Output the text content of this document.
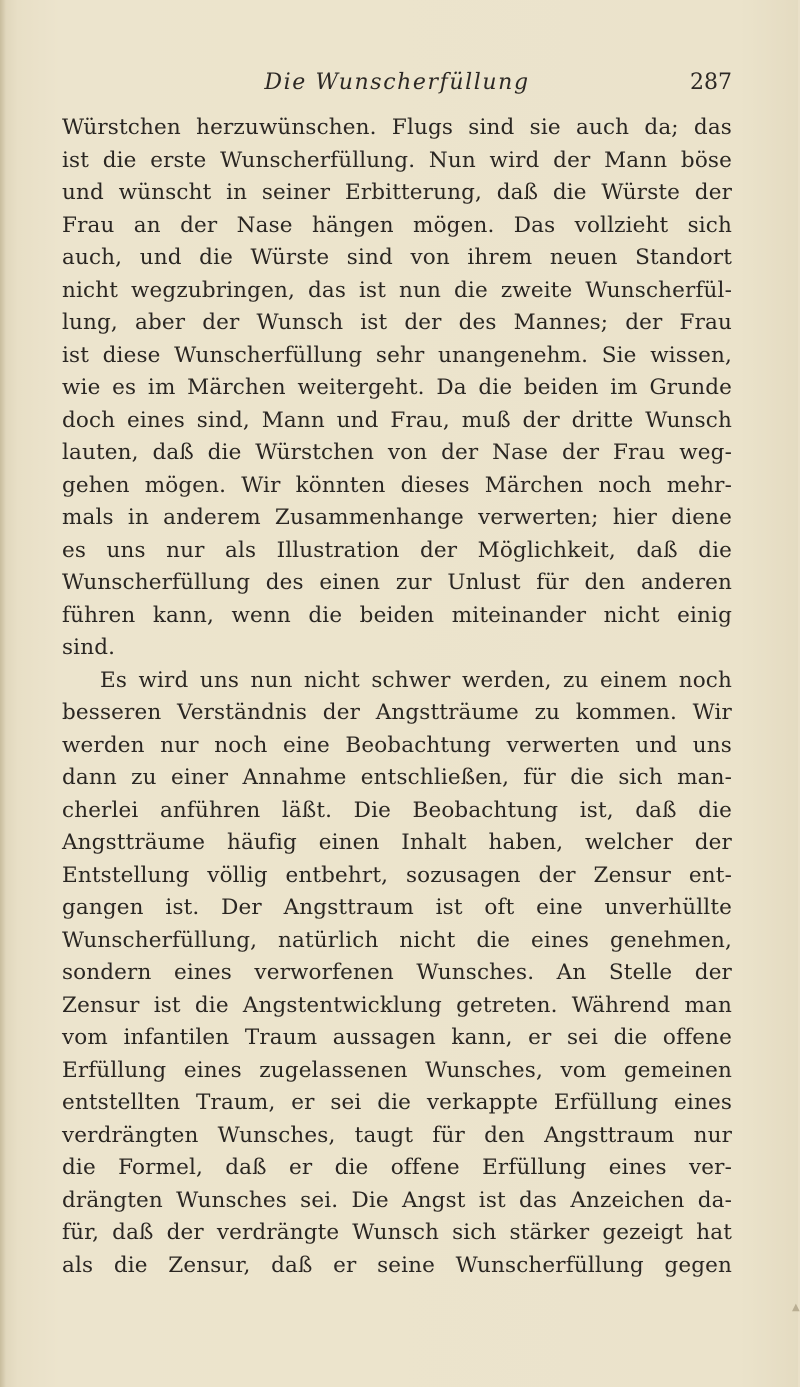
Die Wunscherfüllung	287
Würstchen herzuwünschen. Flugs sind sie auch da; das
ist die erste Wunscherfüllung. Nun wird der Mann böse
und wünscht in seiner Erbitterung, daß die Würste der
Frau an der Nase hängen mögen. Das vollzieht sich
auch, und die Würste sind von ihrem neuen Standort
nicht wegzubringen, das ist nun die zweite Wunscherfül-
lung, aber der Wunsch ist der des Mannes; der Frau
ist diese Wunscherfüllung sehr unangenehm. Sie wissen,
wie es im Märchen weitergeht. Da die beiden im Grunde
doch eines sind, Mann und Frau, muß der dritte Wunsch
lauten, daß die Würstchen von der Nase der Frau weg-
gehen mögen. Wir könnten dieses Märchen noch mehr-
mals in anderem Zusammenhange verwerten; hier diene
es uns nur als Illustration der Möglichkeit, daß die
Wunscherfüllung des einen zur Unlust für den anderen
führen kann, wenn die beiden miteinander nicht einig
sind.
Es wird uns nun nicht schwer werden, zu einem noch
besseren Verständnis der Angstträume zu kommen. Wir
werden nur noch eine Beobachtung verwerten und uns
dann zu einer Annahme entschließen, für die sich man-
cherlei anführen läßt. Die Beobachtung ist, daß die
Angstträume häufig einen Inhalt haben, welcher der
Entstellung völlig entbehrt, sozusagen der Zensur ent-
gangen ist. Der Angsttraum ist oft eine unverhüllte
Wunscherfüllung, natürlich nicht die eines genehmen,
sondern eines verworfenen Wunsches. An Stelle der
Zensur ist die Angstentwicklung getreten. Während man
vom infantilen Traum aussagen kann, er sei die offene
Erfüllung eines zugelassenen Wunsches, vom gemeinen
entstellten Traum, er sei die verkappte Erfüllung eines
verdrängten Wunsches, taugt für den Angsttraum nur
die Formel, daß er die offene Erfüllung eines ver-
drängten Wunsches sei. Die Angst ist das Anzeichen da-
für, daß der verdrängte Wunsch sich stärker gezeigt hat
als die Zensur, daß er seine Wunscherfüllung gegen
▲
